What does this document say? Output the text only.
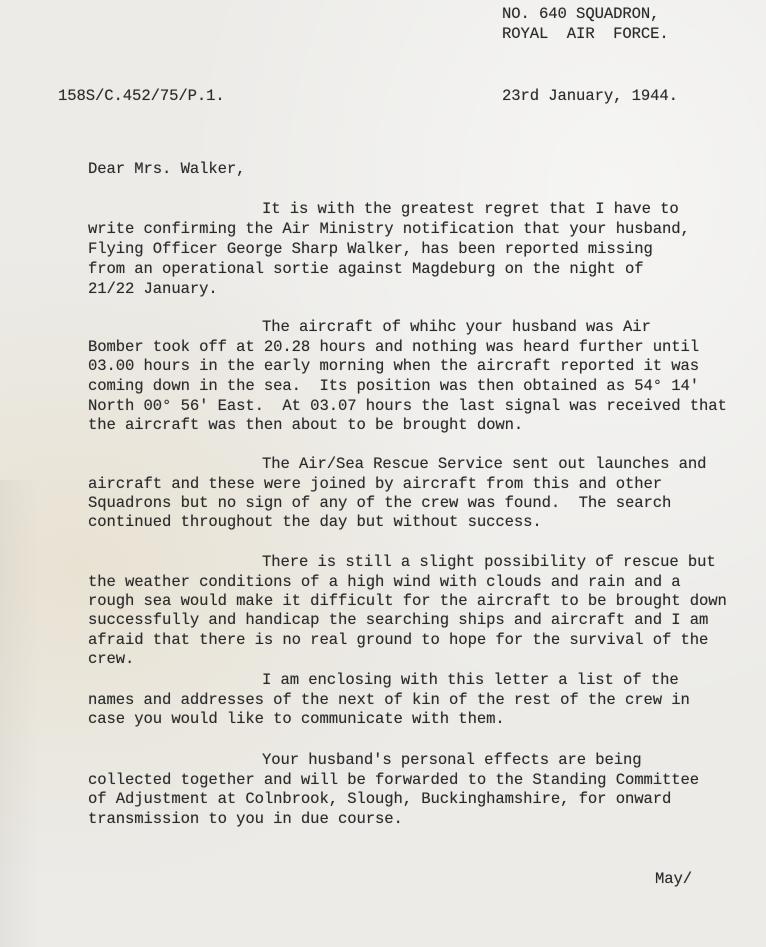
NO. 640 SQUADRON,
ROYAL  AIR  FORCE.
158S/C.452/75/P.1.	23rd January, 1944.
Dear Mrs. Walker,
It is with the greatest regret that I have to
write confirming the Air Ministry notification that your husband,
Flying Officer George Sharp Walker, has been reported missing
from an operational sortie against Magdeburg on the night of
21/22 January.
The aircraft of whihc your husband was Air
Bomber took off at 20.28 hours and nothing was heard further until
03.00 hours in the early morning when the aircraft reported it was
coming down in the sea.  Its position was then obtained as 54° 14'
North 00° 56' East.  At 03.07 hours the last signal was received that
the aircraft was then about to be brought down.
The Air/Sea Rescue Service sent out launches and
aircraft and these were joined by aircraft from this and other
Squadrons but no sign of any of the crew was found.  The search
continued throughout the day but without success.
There is still a slight possibility of rescue but
the weather conditions of a high wind with clouds and rain and a
rough sea would make it difficult for the aircraft to be brought down
successfully and handicap the searching ships and aircraft and I am
afraid that there is no real ground to hope for the survival of the
crew.
I am enclosing with this letter a list of the
names and addresses of the next of kin of the rest of the crew in
case you would like to communicate with them.
Your husband's personal effects are being
collected together and will be forwarded to the Standing Committee
of Adjustment at Colnbrook, Slough, Buckinghamshire, for onward
transmission to you in due course.
May/
